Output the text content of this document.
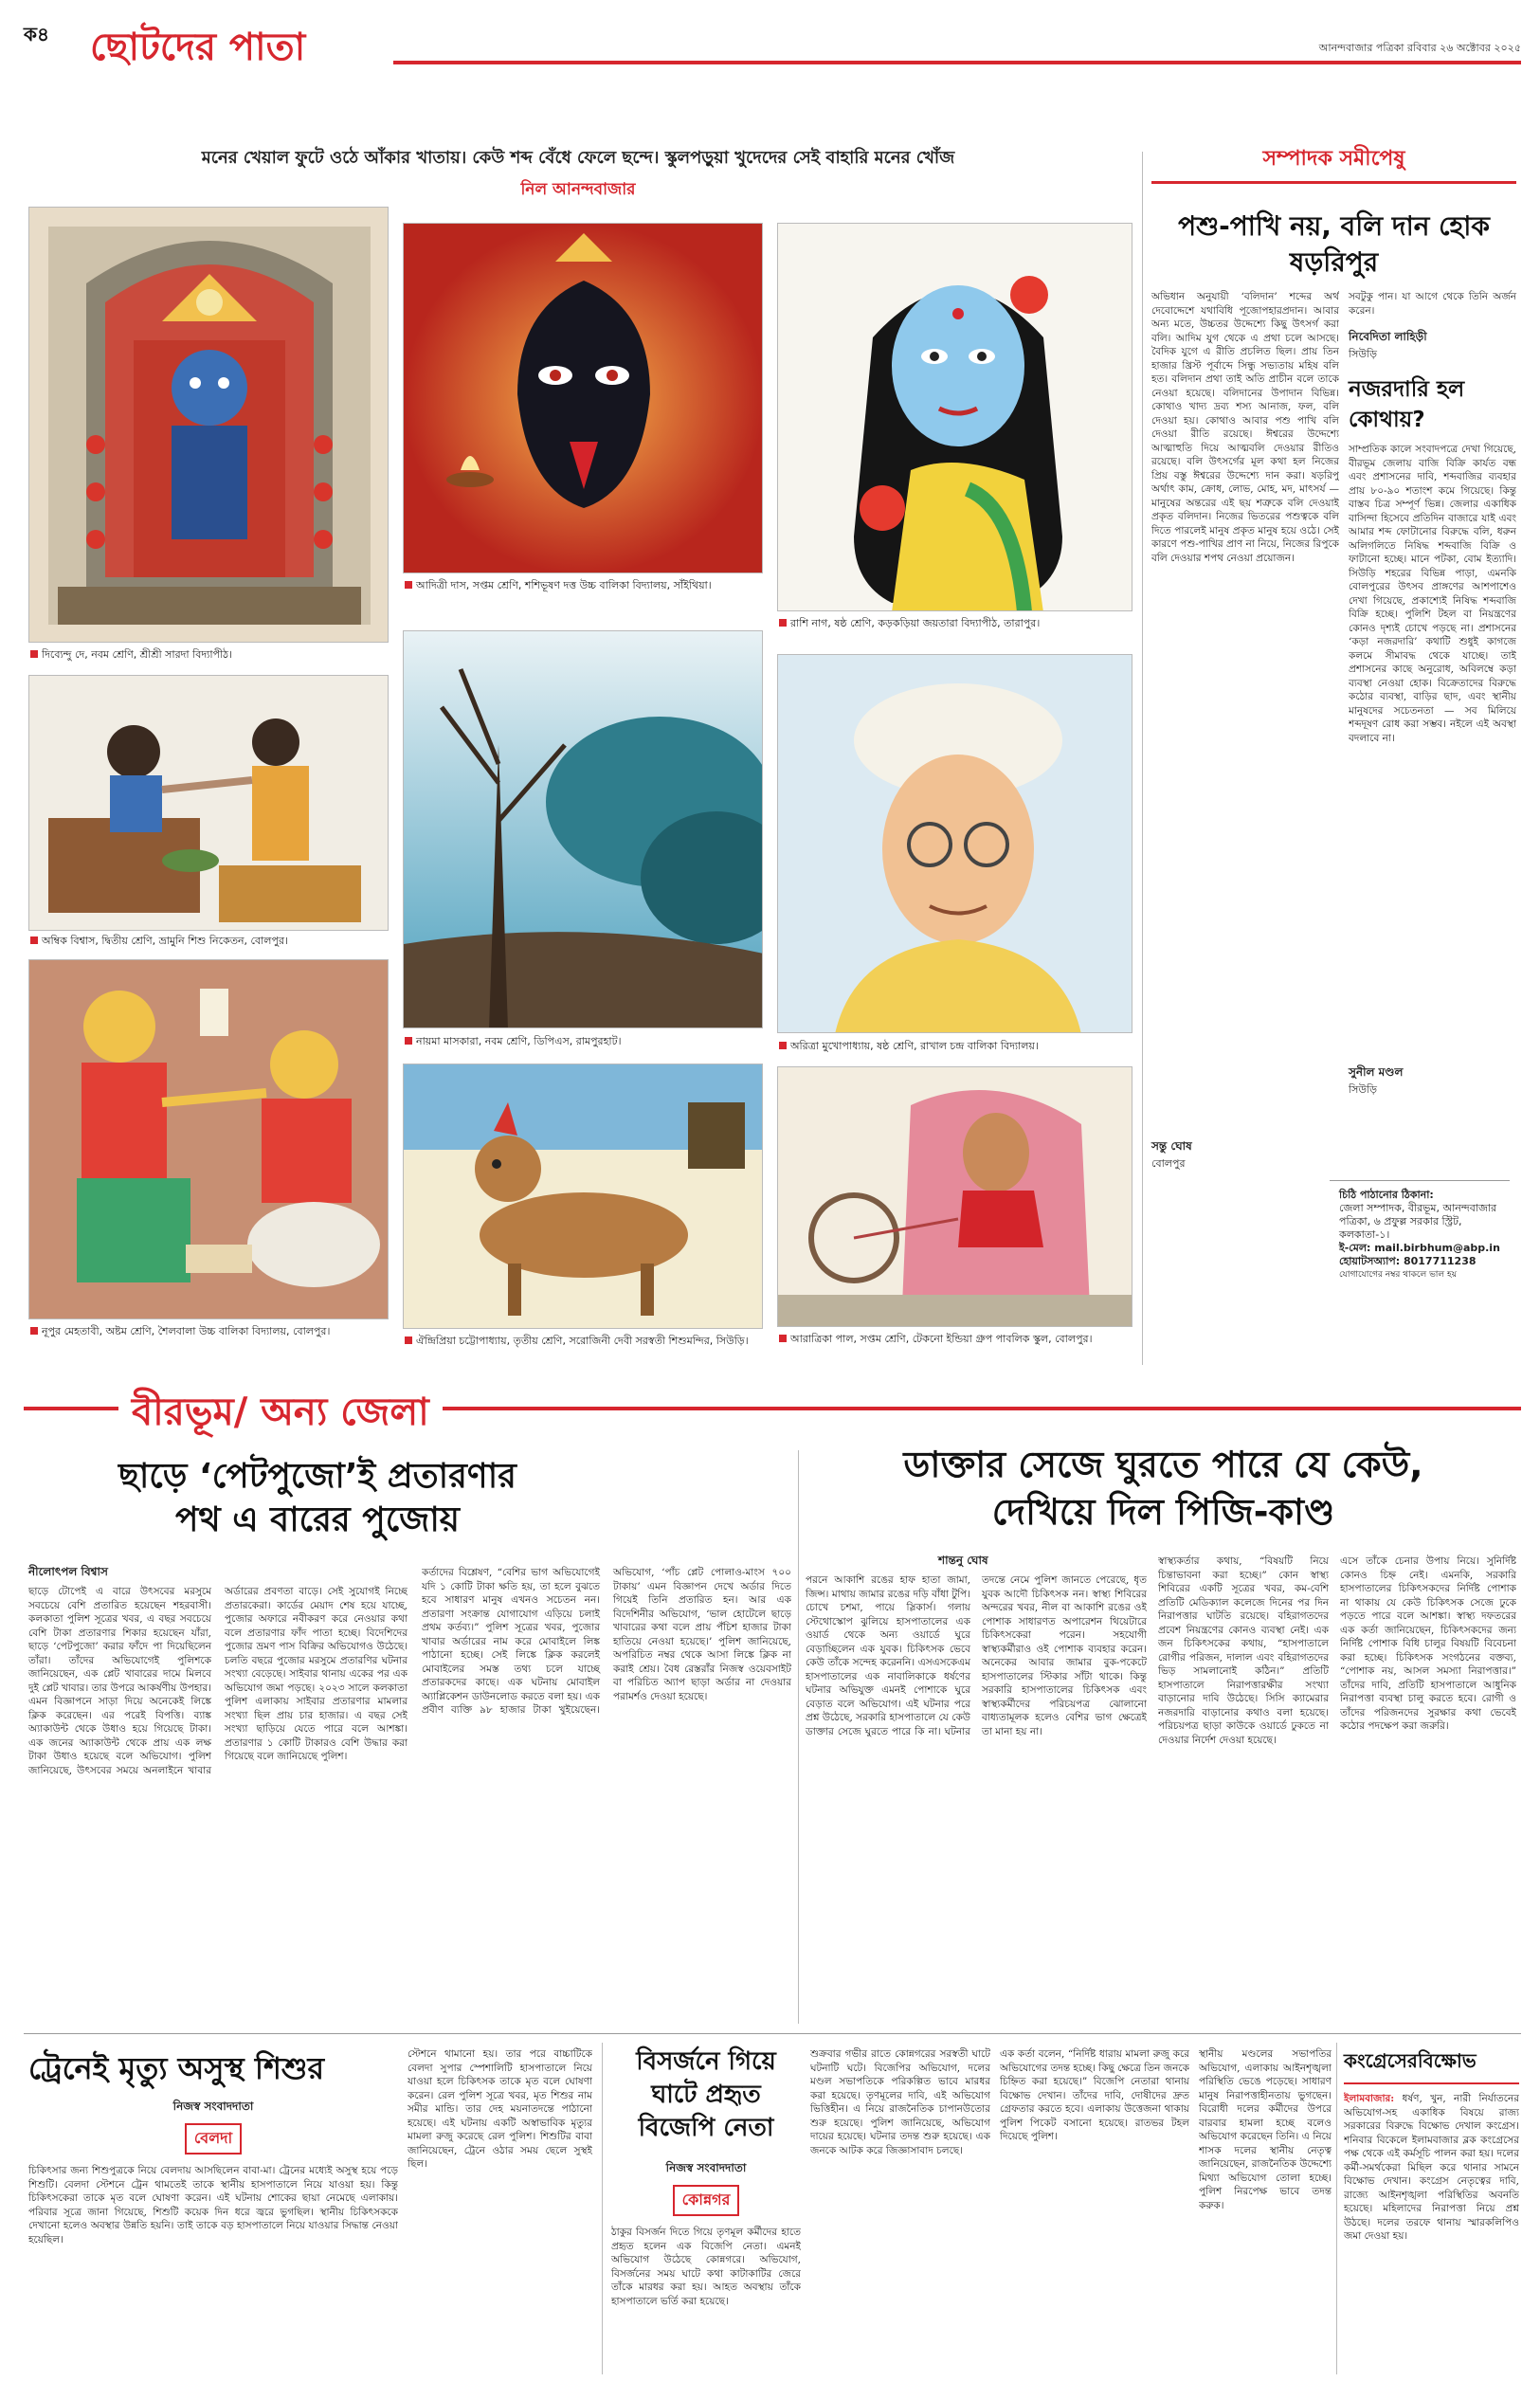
ক৪ ছোটদের পাতা	আনন্দবাজার পত্রিকা রবিবার ২৬ অক্টোবর ২০২৫
মনের খেয়াল ফুটে ওঠে আঁকার খাতায়। কেউ শব্দ বেঁধে ফেলে ছন্দে। স্কুলপড়ুয়া খুদেদের সেই বাহারি মনের খোঁজ
নিল আনন্দবাজার
দিব্যেন্দু দে, নবম শ্রেণি, শ্রীশ্রী সারদা বিদ্যাপীঠ।
অম্বিক বিশ্বাস, দ্বিতীয় শ্রেণি, ভ্রামুনি শিশু নিকেতন, বোলপুর।
নূপুর মেহতাবী, অষ্টম শ্রেণি, শৈলবালা উচ্চ বালিকা বিদ্যালয়, বোলপুর।
আদিত্রী দাস, সপ্তম শ্রেণি, শশিভূষণ দত্ত উচ্চ বালিকা বিদ্যালয়, সাঁইথিয়া।
নায়মা মাসকারা, নবম শ্রেণি, ডিপিএস, রামপুরহাট।
ঐন্দ্রিপ্রিয়া চট্টোপাধ্যায়, তৃতীয় শ্রেণি, সরোজিনী দেবী সরস্বতী শিশুমন্দির, সিউড়ি।
রাশি নাগ, ষষ্ঠ শ্রেণি, কড়কড়িয়া জয়তারা বিদ্যাপীঠ, তারাপুর।
অরিত্রা মুখোপাধ্যায়, ষষ্ঠ শ্রেণি, রাখাল চন্দ্র বালিকা বিদ্যালয়।
আরাত্রিকা পাল, সপ্তম শ্রেণি, টেকনো ইন্ডিয়া গ্রুপ পাবলিক স্কুল, বোলপুর।
সম্পাদক সমীপেষু
পশু-পাখি নয়, বলি দান হোক ষড়রিপুর
অভিধান অনুযায়ী ‘বলিদান’ শব্দের অর্থ দেবোদ্দেশে যথাবিধি পূজোপহারপ্রদান। আবার অন্য মতে, উচ্চতর উদ্দেশ্যে কিছু উৎসর্গ করা বলি। আদিম যুগ থেকে এ প্রথা চলে আসছে। বৈদিক যুগে এ রীতি প্রচলিত ছিল। প্রায় তিন হাজার খ্রিস্ট পূর্বাব্দে সিন্ধু সভ্যতায় মহিষ বলি হত। বলিদান প্রথা তাই অতি প্রাচীন বলে তাকে নেওয়া হয়েছে। বলিদানের উপাদান বিভিন্ন। কোথাও খাদ্য দ্রব্য শস্য আনাজ, ফল, বলি দেওয়া হয়। কোথাও আবার পশু পাখি বলি দেওয়া রীতি রয়েছে। ঈশ্বরের উদ্দেশ্যে আত্মাহুতি দিয়ে আত্মবলি দেওয়ার রীতিও রয়েছে। বলি উৎসর্গের মূল কথা হল নিজের প্রিয় বস্তু ঈশ্বরের উদ্দেশ্যে দান করা। ষড়রিপু অর্থাৎ কাম, ক্রোধ, লোভ, মোহ, মদ, মাৎসর্য — মানুষের অন্তরের এই ছয় শত্রুকে বলি দেওয়াই প্রকৃত বলিদান। নিজের ভিতরের পশুত্বকে বলি দিতে পারলেই মানুষ প্রকৃত মানুষ হয়ে ওঠে। সেই কারণে পশু-পাখির প্রাণ না নিয়ে, নিজের রিপুকে বলি দেওয়ার শপথ নেওয়া প্রয়োজন।
সন্তু ঘোষ
বোলপুর
সবটুকু পান। যা আগে থেকে তিনি অর্জন করেন।
নিবেদিতা লাহিড়ী
সিউড়ি
নজরদারি হল কোথায়?
সাম্প্রতিক কালে সংবাদপত্রে দেখা গিয়েছে, বীরভূম জেলায় বাজি বিক্রি কার্যত বন্ধ এবং প্রশাসনের দাবি, শব্দবাজির ব্যবহার প্রায় ৮০-৯০ শতাংশ কমে গিয়েছে। কিন্তু বাস্তব চিত্র সম্পূর্ণ ভিন্ন। জেলার একাধিক বাসিন্দা হিসেবে প্রতিদিন বাজারে যাই এবং আমার শব্দ ফোটানোর বিরুদ্ধে বলি, ধরুন অলিগলিতে নিষিদ্ধ শব্দবাজি বিক্রি ও ফাটানো হচ্ছে। মানে পটকা, বোম ইত্যাদি। সিউড়ি শহরের বিভিন্ন পাড়া, এমনকি বোলপুরের উৎসব প্রাঙ্গণের আশপাশেও দেখা গিয়েছে, প্রকাশ্যেই নিষিদ্ধ শব্দবাজি বিক্রি হচ্ছে। পুলিশি টহল বা নিয়ন্ত্রণের কোনও দৃশ্যই চোখে পড়ছে না। প্রশাসনের ‘কড়া নজরদারি’ কথাটি শুধুই কাগজে কলমে সীমাবদ্ধ থেকে যাচ্ছে। তাই প্রশাসনের কাছে অনুরোধ, অবিলম্বে কড়া ব্যবস্থা নেওয়া হোক। বিক্রেতাদের বিরুদ্ধে কঠোর ব্যবস্থা, বাড়ির ছাদ, এবং স্থানীয় মানুষদের সচেতনতা — সব মিলিয়ে শব্দদূষণ রোধ করা সম্ভব। নইলে এই অবস্থা বদলাবে না।
সুনীল মণ্ডল
সিউড়ি
চিঠি পাঠানোর ঠিকানা:
জেলা সম্পাদক, বীরভূম, আনন্দবাজার পত্রিকা, ৬ প্রফুল্ল সরকার স্ট্রিট, কলকাতা-১।
ই-মেল: mail.birbhum@abp.in
হোয়াটসঅ্যাপ: 8017711238
যোগাযোগের নম্বর থাকলে ভাল হয়
বীরভূম/ অন্য জেলা
ছাড়ে ‘পেটপুজো’ই প্রতারণার
পথ এ বারের পুজোয়
নীলোৎপল বিশ্বাস
ছাড়ে টোপেই এ বারে উৎসবের মরসুমে সবচেয়ে বেশি প্রতারিত হয়েছেন শহরবাসী। কলকাতা পুলিশ সূত্রের খবর, এ বছর সবচেয়ে বেশি টাকা প্রতারণার শিকার হয়েছেন যাঁরা, ছাড়ে ‘পেটপুজো’ করার ফাঁদে পা দিয়েছিলেন তাঁরা। তাঁদের অভিযোগেই পুলিশকে জানিয়েছেন, এক প্লেট খাবারের দামে মিলবে দুই প্লেট খাবার। তার উপরে আকর্ষণীয় উপহার। এমন বিজ্ঞাপনে সাড়া দিয়ে অনেকেই লিঙ্কে ক্লিক করেছেন। এর পরেই বিপত্তি। ব্যাঙ্ক অ্যাকাউন্ট থেকে উধাও হয়ে গিয়েছে টাকা। এক জনের অ্যাকাউন্ট থেকে প্রায় এক লক্ষ টাকা উধাও হয়েছে বলে অভিযোগ। পুলিশ জানিয়েছে, উৎসবের সময়ে অনলাইনে খাবার অর্ডারের প্রবণতা বাড়ে। সেই সুযোগই নিচ্ছে প্রতারকেরা। কার্ডের মেয়াদ শেষ হয়ে যাচ্ছে, পুজোর অফারে নবীকরণ করে নেওয়ার কথা বলে প্রতারণার ফাঁদ পাতা হচ্ছে। বিদেশিদের পুজোর ভ্রমণ পাস বিক্রির অভিযোগও উঠেছে। চলতি বছরে পুজোর মরসুমে প্রতারণির ঘটনার সংখ্যা বেড়েছে। সাইবার থানায় একের পর এক অভিযোগ জমা পড়ছে। ২০২৩ সালে কলকাতা পুলিশ এলাকায় সাইবার প্রতারণার মামলার সংখ্যা ছিল প্রায় চার হাজার। এ বছর সেই সংখ্যা ছাড়িয়ে যেতে পারে বলে আশঙ্কা। প্রতারণার ১ কোটি টাকারও বেশি উদ্ধার করা গিয়েছে বলে জানিয়েছে পুলিশ।
কর্তাদের বিশ্লেষণ, “বেশির ভাগ অভিযোগেই যদি ১ কোটি টাকা ক্ষতি হয়, তা হলে বুঝতে হবে সাধারণ মানুষ এখনও সচেতন নন। প্রতারণা সংক্রান্ত যোগাযোগ এড়িয়ে চলাই প্রথম কর্তব্য।” পুলিশ সূত্রের খবর, পুজোর খাবার অর্ডারের নাম করে মোবাইলে লিঙ্ক পাঠানো হচ্ছে। সেই লিঙ্কে ক্লিক করলেই মোবাইলের সমস্ত তথ্য চলে যাচ্ছে প্রতারকদের কাছে। এক ঘটনায় মোবাইল অ্যাপ্লিকেশন ডাউনলোড করতে বলা হয়। এক প্রবীণ ব্যক্তি ৯৮ হাজার টাকা খুইয়েছেন। অভিযোগ, ‘পাঁচ প্লেট পোলাও-মাংস ৭০০ টাকায়’ এমন বিজ্ঞাপন দেখে অর্ডার দিতে গিয়েই তিনি প্রতারিত হন। আর এক বিদেশিনীর অভিযোগ, ‘ভাল হোটেলে ছাড়ে খাবারের কথা বলে প্রায় পঁচিশ হাজার টাকা হাতিয়ে নেওয়া হয়েছে।’ পুলিশ জানিয়েছে, অপরিচিত নম্বর থেকে আসা লিঙ্কে ক্লিক না করাই শ্রেয়। বৈধ রেস্তরাঁর নিজস্ব ওয়েবসাইট বা পরিচিত অ্যাপ ছাড়া অর্ডার না দেওয়ার পরামর্শও দেওয়া হয়েছে।
ডাক্তার সেজে ঘুরতে পারে যে কেউ,
দেখিয়ে দিল পিজি-কাণ্ড
শান্তনু ঘোষ
পরনে আকাশি রঙের হাফ হাতা জামা, জিন্স। মাথায় জামার রঙের দড়ি বাঁধা টুপি। চোখে চশমা, পায়ে স্লিকার্স। গলায় স্টেথোস্কোপ ঝুলিয়ে হাসপাতালের এক ওয়ার্ড থেকে অন্য ওয়ার্ডে ঘুরে বেড়াচ্ছিলেন এক যুবক। চিকিৎসক ভেবে কেউ তাঁকে সন্দেহ করেননি। এসএসকেএম হাসপাতালের এক নাবালিকাকে ধর্ষণের ঘটনার অভিযুক্ত এমনই পোশাকে ঘুরে বেড়াত বলে অভিযোগ। এই ঘটনার পরে প্রশ্ন উঠেছে, সরকারি হাসপাতালে যে কেউ ডাক্তার সেজে ঘুরতে পারে কি না। ঘটনার তদন্তে নেমে পুলিশ জানতে পেরেছে, ধৃত যুবক আদৌ চিকিৎসক নন। স্বাস্থ্য শিবিরের অন্দরের খবর, নীল বা আকাশি রঙের ওই পোশাক সাধারণত অপারেশন থিয়েটারে চিকিৎসকেরা পরেন। সহযোগী স্বাস্থ্যকর্মীরাও ওই পোশাক ব্যবহার করেন। অনেকের আবার জামার বুক-পকেটে হাসপাতালের স্টিকার সাঁটা থাকে। কিন্তু সরকারি হাসপাতালের চিকিৎসক এবং স্বাস্থ্যকর্মীদের পরিচয়পত্র ঝোলানো বাধ্যতামূলক হলেও বেশির ভাগ ক্ষেত্রেই তা মানা হয় না।
স্বাস্থ্যকর্তার কথায়, “বিষয়টি নিয়ে চিন্তাভাবনা করা হচ্ছে।” কোন স্বাস্থ্য শিবিরের একটি সূত্রের খবর, কম-বেশি প্রতিটি মেডিক্যাল কলেজে দিনের পর দিন নিরাপত্তার ঘাটতি রয়েছে। বহিরাগতদের প্রবেশ নিয়ন্ত্রণের কোনও ব্যবস্থা নেই। এক জন চিকিৎসকের কথায়, “হাসপাতালে রোগীর পরিজন, দালাল এবং বহিরাগতদের ভিড় সামলানোই কঠিন।” প্রতিটি হাসপাতালে নিরাপত্তারক্ষীর সংখ্যা বাড়ানোর দাবি উঠেছে। সিসি ক্যামেরার নজরদারি বাড়ানোর কথাও বলা হয়েছে। পরিচয়পত্র ছাড়া কাউকে ওয়ার্ডে ঢুকতে না দেওয়ার নির্দেশ দেওয়া হয়েছে।
এসে তাঁকে চেনার উপায় নিয়ে। সুনির্দিষ্ট কোনও চিহ্ন নেই। এমনকি, সরকারি হাসপাতালের চিকিৎসকদের নির্দিষ্ট পোশাক না থাকায় যে কেউ চিকিৎসক সেজে ঢুকে পড়তে পারে বলে আশঙ্কা। স্বাস্থ্য দফতরের এক কর্তা জানিয়েছেন, চিকিৎসকদের জন্য নির্দিষ্ট পোশাক বিধি চালুর বিষয়টি বিবেচনা করা হচ্ছে। চিকিৎসক সংগঠনের বক্তব্য, “পোশাক নয়, আসল সমস্যা নিরাপত্তার।” তাঁদের দাবি, প্রতিটি হাসপাতালে আধুনিক নিরাপত্তা ব্যবস্থা চালু করতে হবে। রোগী ও তাঁদের পরিজনদের সুরক্ষার কথা ভেবেই কঠোর পদক্ষেপ করা জরুরি।
ট্রেনেই মৃত্যু অসুস্থ শিশুর
নিজস্ব সংবাদদাতা
বেলদা
চিকিৎসার জন্য শিশুপুত্রকে নিয়ে বেলদায় আসছিলেন বাবা-মা। ট্রেনের মধ্যেই অসুস্থ হয়ে পড়ে শিশুটি। বেলদা স্টেশনে ট্রেন থামতেই তাকে স্থানীয় হাসপাতালে নিয়ে যাওয়া হয়। কিন্তু চিকিৎসকেরা তাকে মৃত বলে ঘোষণা করেন। এই ঘটনায় শোকের ছায়া নেমেছে এলাকায়। পরিবার সূত্রে জানা গিয়েছে, শিশুটি কয়েক দিন ধরে জ্বরে ভুগছিল। স্থানীয় চিকিৎসককে দেখানো হলেও অবস্থার উন্নতি হয়নি। তাই তাকে বড় হাসপাতালে নিয়ে যাওয়ার সিদ্ধান্ত নেওয়া হয়েছিল।
স্টেশনে থামানো হয়। তার পরে বাচ্চাটিকে বেলদা সুপার স্পেশালিটি হাসপাতালে নিয়ে যাওয়া হলে চিকিৎসক তাকে মৃত বলে ঘোষণা করেন। রেল পুলিশ সূত্রে খবর, মৃত শিশুর নাম সমীর মান্ডি। তার দেহ ময়নাতদন্তে পাঠানো হয়েছে। এই ঘটনায় একটি অস্বাভাবিক মৃত্যুর মামলা রুজু করেছে রেল পুলিশ। শিশুটির বাবা জানিয়েছেন, ট্রেনে ওঠার সময় ছেলে সুস্থই ছিল।
বিসর্জনে গিয়ে ঘাটে প্রহৃত বিজেপি নেতা
নিজস্ব সংবাদদাতা
কোন্নগর
ঠাকুর বিসর্জন দিতে গিয়ে তৃণমূল কর্মীদের হাতে প্রহৃত হলেন এক বিজেপি নেতা। এমনই অভিযোগ উঠেছে কোন্নগরে। অভিযোগ, বিসর্জনের সময় ঘাটে কথা কাটাকাটির জেরে তাঁকে মারধর করা হয়। আহত অবস্থায় তাঁকে হাসপাতালে ভর্তি করা হয়েছে।
শুক্রবার গভীর রাতে কোন্নগরের সরস্বতী ঘাটে ঘটনাটি ঘটে। বিজেপির অভিযোগ, দলের মণ্ডল সভাপতিকে পরিকল্পিত ভাবে মারধর করা হয়েছে। তৃণমূলের দাবি, এই অভিযোগ ভিত্তিহীন। এ নিয়ে রাজনৈতিক চাপানউতোর শুরু হয়েছে। পুলিশ জানিয়েছে, অভিযোগ দায়ের হয়েছে। ঘটনার তদন্ত শুরু হয়েছে। এক জনকে আটক করে জিজ্ঞাসাবাদ চলছে।
এক কর্তা বলেন, “নির্দিষ্ট ধারায় মামলা রুজু করে অভিযোগের তদন্ত হচ্ছে। কিছু ক্ষেত্রে তিন জনকে চিহ্নিত করা হয়েছে।” বিজেপি নেতারা থানায় বিক্ষোভ দেখান। তাঁদের দাবি, দোষীদের দ্রুত গ্রেফতার করতে হবে। এলাকায় উত্তেজনা থাকায় পুলিশ পিকেট বসানো হয়েছে। রাতভর টহল দিয়েছে পুলিশ।
স্থানীয় মণ্ডলের সভাপতির অভিযোগ, এলাকায় আইনশৃঙ্খলা পরিস্থিতি ভেঙে পড়েছে। সাধারণ মানুষ নিরাপত্তাহীনতায় ভুগছেন। বিরোধী দলের কর্মীদের উপরে বারবার হামলা হচ্ছে বলেও অভিযোগ করেছেন তিনি। এ নিয়ে শাসক দলের স্থানীয় নেতৃত্ব জানিয়েছেন, রাজনৈতিক উদ্দেশ্যে মিথ্যা অভিযোগ তোলা হচ্ছে। পুলিশ নিরপেক্ষ ভাবে তদন্ত করুক।
কংগ্রেসেরবিক্ষোভ
ইলামবাজার: ধর্ষণ, খুন, নারী নির্যাতনের অভিযোগ-সহ একাধিক বিষয়ে রাজ্য সরকারের বিরুদ্ধে বিক্ষোভ দেখাল কংগ্রেস। শনিবার বিকেলে ইলামবাজার ব্লক কংগ্রেসের পক্ষ থেকে এই কর্মসূচি পালন করা হয়। দলের কর্মী-সমর্থকেরা মিছিল করে থানার সামনে বিক্ষোভ দেখান। কংগ্রেস নেতৃত্বের দাবি, রাজ্যে আইনশৃঙ্খলা পরিস্থিতির অবনতি হয়েছে। মহিলাদের নিরাপত্তা নিয়ে প্রশ্ন উঠছে। দলের তরফে থানায় স্মারকলিপিও জমা দেওয়া হয়।
